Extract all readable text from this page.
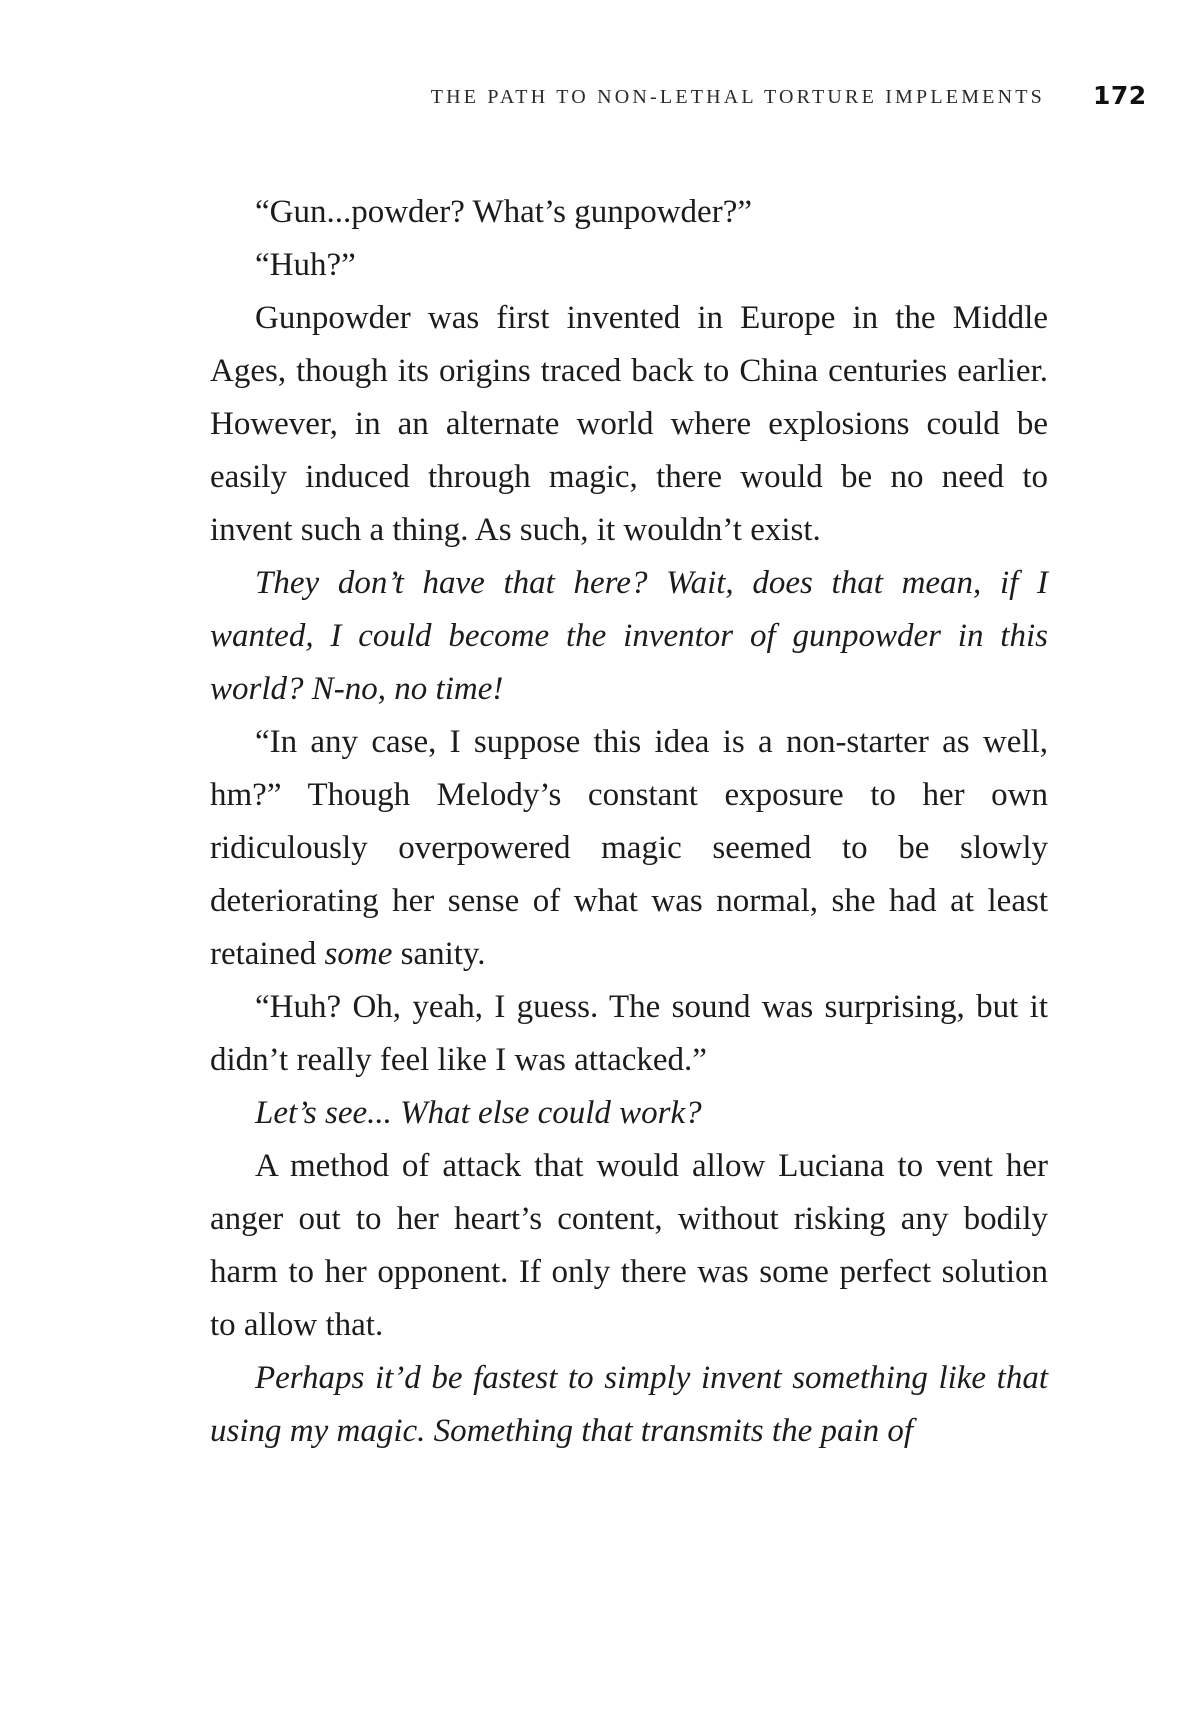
THE PATH TO NON-LETHAL TORTURE IMPLEMENTS 172

“Gun...powder? What’s gunpowder?”

“Huh?”

Gunpowder was first invented in Europe in the Middle Ages, though its origins traced back to China centuries earlier. However, in an alternate world where explosions could be easily induced through magic, there would be no need to invent such a thing. As such, it wouldn’t exist.

They don’t have that here? Wait, does that mean, if I wanted, I could become the inventor of gunpowder in this world? N-no, no time!

“In any case, I suppose this idea is a non-starter as well, hm?” Though Melody’s constant exposure to her own ridiculously overpowered magic seemed to be slowly deteriorating her sense of what was normal, she had at least retained some sanity.

“Huh? Oh, yeah, I guess. The sound was surprising, but it didn’t really feel like I was attacked.”

Let’s see... What else could work?

A method of attack that would allow Luciana to vent her anger out to her heart’s content, without risking any bodily harm to her opponent. If only there was some perfect solution to allow that.

Perhaps it’d be fastest to simply invent something like that using my magic. Something that transmits the pain of
